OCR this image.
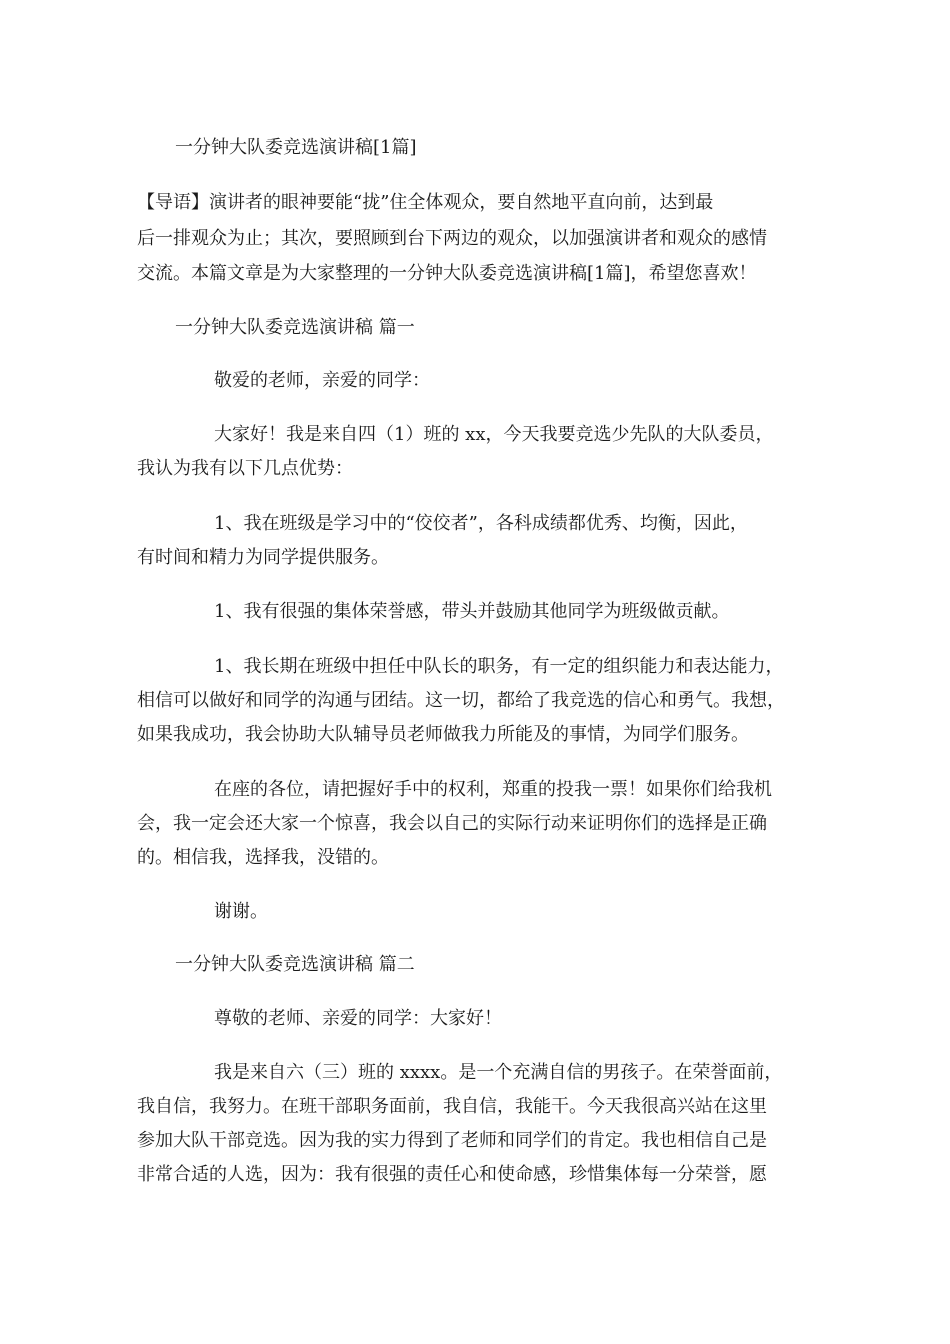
一分钟大队委竞选演讲稿[1篇]
【导语】演讲者的眼神要能“拢”住全体观众，要自然地平直向前，达到最
后一排观众为止；其次，要照顾到台下两边的观众，以加强演讲者和观众的感情
交流。本篇文章是为大家整理的一分钟大队委竞选演讲稿[1篇]，希望您喜欢！
一分钟大队委竞选演讲稿 篇一
敬爱的老师，亲爱的同学：
大家好！我是来自四（1）班的 xx，今天我要竞选少先队的大队委员，
我认为我有以下几点优势：
1、我在班级是学习中的“佼佼者”，各科成绩都优秀、均衡，因此，
有时间和精力为同学提供服务。
1、我有很强的集体荣誉感，带头并鼓励其他同学为班级做贡献。
1、我长期在班级中担任中队长的职务，有一定的组织能力和表达能力，
相信可以做好和同学的沟通与团结。这一切，都给了我竞选的信心和勇气。我想，
如果我成功，我会协助大队辅导员老师做我力所能及的事情，为同学们服务。
在座的各位，请把握好手中的权利，郑重的投我一票！如果你们给我机
会，我一定会还大家一个惊喜，我会以自己的实际行动来证明你们的选择是正确
的。相信我，选择我，没错的。
谢谢。
一分钟大队委竞选演讲稿 篇二
尊敬的老师、亲爱的同学：大家好！
我是来自六（三）班的 xxxx。是一个充满自信的男孩子。在荣誉面前，
我自信，我努力。在班干部职务面前，我自信，我能干。今天我很高兴站在这里
参加大队干部竞选。因为我的实力得到了老师和同学们的肯定。我也相信自己是
非常合适的人选，因为：我有很强的责任心和使命感，珍惜集体每一分荣誉，愿
